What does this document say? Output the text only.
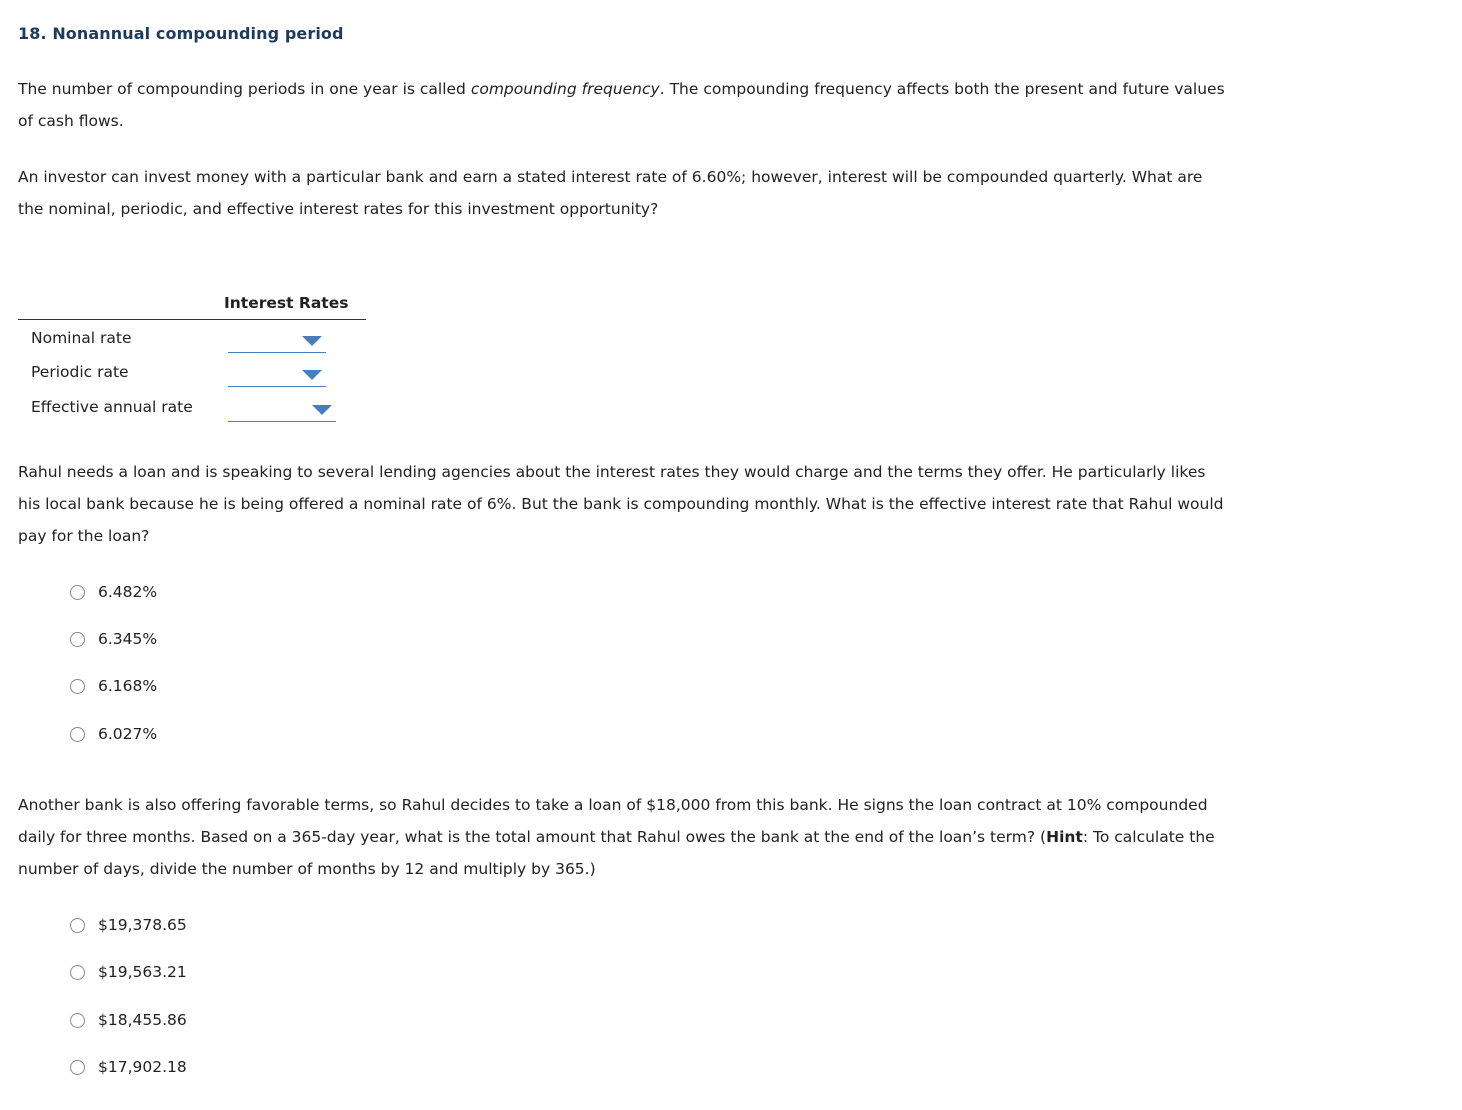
18. Nonannual compounding period
The number of compounding periods in one year is called compounding frequency. The compounding frequency affects both the present and future values of cash flows.
An investor can invest money with a particular bank and earn a stated interest rate of 6.60%; however, interest will be compounded quarterly. What are the nominal, periodic, and effective interest rates for this investment opportunity?
Interest Rates
Nominal rate
Periodic rate
Effective annual rate
Rahul needs a loan and is speaking to several lending agencies about the interest rates they would charge and the terms they offer. He particularly likes his local bank because he is being offered a nominal rate of 6%. But the bank is compounding monthly. What is the effective interest rate that Rahul would pay for the loan?
6.482%
6.345%
6.168%
6.027%
Another bank is also offering favorable terms, so Rahul decides to take a loan of $18,000 from this bank. He signs the loan contract at 10% compounded daily for three months. Based on a 365-day year, what is the total amount that Rahul owes the bank at the end of the loan’s term? (Hint: To calculate the number of days, divide the number of months by 12 and multiply by 365.)
$19,378.65
$19,563.21
$18,455.86
$17,902.18
